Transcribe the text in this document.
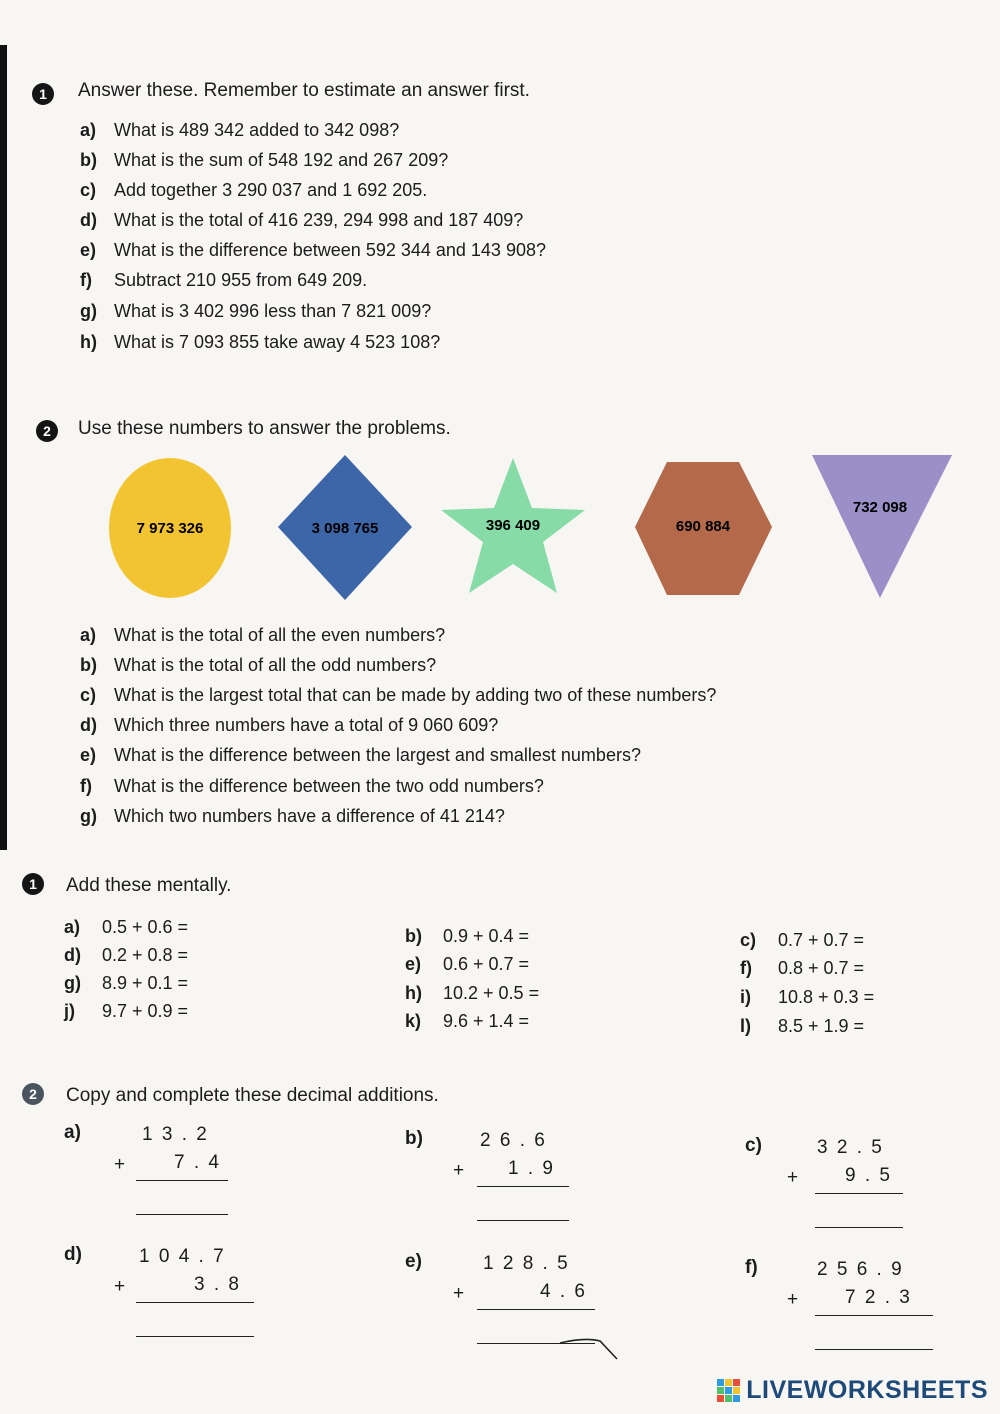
1 Answer these. Remember to estimate an answer first.
a) What is 489 342 added to 342 098?
b) What is the sum of 548 192 and 267 209?
c) Add together 3 290 037 and 1 692 205.
d) What is the total of 416 239, 294 998 and 187 409?
e) What is the difference between 592 344 and 143 908?
f) Subtract 210 955 from 649 209.
g) What is 3 402 996 less than 7 821 009?
h) What is 7 093 855 take away 4 523 108?
2 Use these numbers to answer the problems.
7 973 326	3 098 765	396 409	690 884
732 098
a) What is the total of all the even numbers?
b) What is the total of all the odd numbers?
c) What is the largest total that can be made by adding two of these numbers?
d) Which three numbers have a total of 9 060 609?
e) What is the difference between the largest and smallest numbers?
f) What is the difference between the two odd numbers?
g) Which two numbers have a difference of 41 214?
1 Add these mentally.
a) 0.5 + 0.6 =
d) 0.2 + 0.8 =
g) 8.9 + 0.1 =
j) 9.7 + 0.9 =
b) 0.9 + 0.4 =
e) 0.6 + 0.7 =
h) 10.2 + 0.5 =
k) 9.6 + 1.4 =
c) 0.7 + 0.7 =
f) 0.8 + 0.7 =
i) 10.8 + 0.3 =
l) 8.5 + 1.9 =
2 Copy and complete these decimal additions.
a)	1 3 . 2
+	7 . 4
b)	2 6 . 6
+ 1 . 9
c)	3 2 . 5
+ 9 . 5
d)	1 0 4 . 7
+	3 . 8
e)	1 2 8 . 5
+	4 . 6
f)	2 5 6 . 9
+ 7 2 . 3
LIVEWORKSHEETS
